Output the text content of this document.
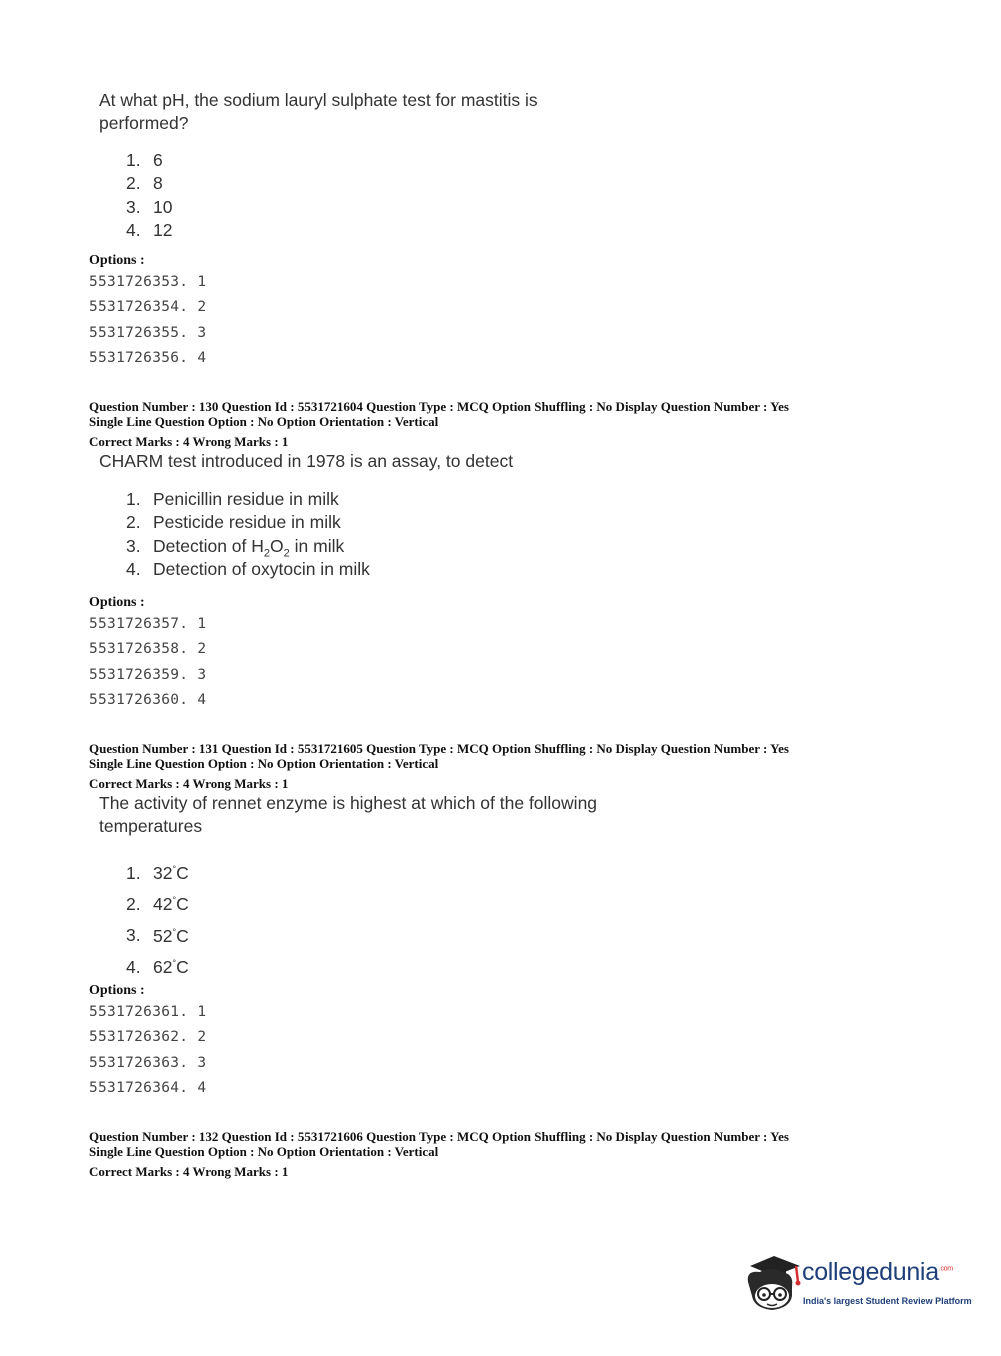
At what pH, the sodium lauryl sulphate test for mastitis is
performed?
1. 6
2. 8
3. 10
4. 12
Options :
5531726353. 1
5531726354. 2
5531726355. 3
5531726356. 4
Question Number : 130 Question Id : 5531721604 Question Type : MCQ Option Shuffling : No Display Question Number : Yes
Single Line Question Option : No Option Orientation : Vertical
Correct Marks : 4 Wrong Marks : 1
CHARM test introduced in 1978 is an assay, to detect
1. Penicillin residue in milk
2. Pesticide residue in milk
3. Detection of $H_2O_2$ in milk
4. Detection of oxytocin in milk
Options :
5531726357. 1
5531726358. 2
5531726359. 3
5531726360. 4
Question Number : 131 Question Id : 5531721605 Question Type : MCQ Option Shuffling : No Display Question Number : Yes
Single Line Question Option : No Option Orientation : Vertical
Correct Marks : 4 Wrong Marks : 1
The activity of rennet enzyme is highest at which of the following
temperatures
1. 32°C
2. 42°C
3. 52°C
4. 62°C
Options :
5531726361. 1
5531726362. 2
5531726363. 3
5531726364. 4
Question Number : 132 Question Id : 5531721606 Question Type : MCQ Option Shuffling : No Display Question Number : Yes
Single Line Question Option : No Option Orientation : Vertical
Correct Marks : 4 Wrong Marks : 1
collegedunia$^{.com}$
India's largest Student Review Platform
